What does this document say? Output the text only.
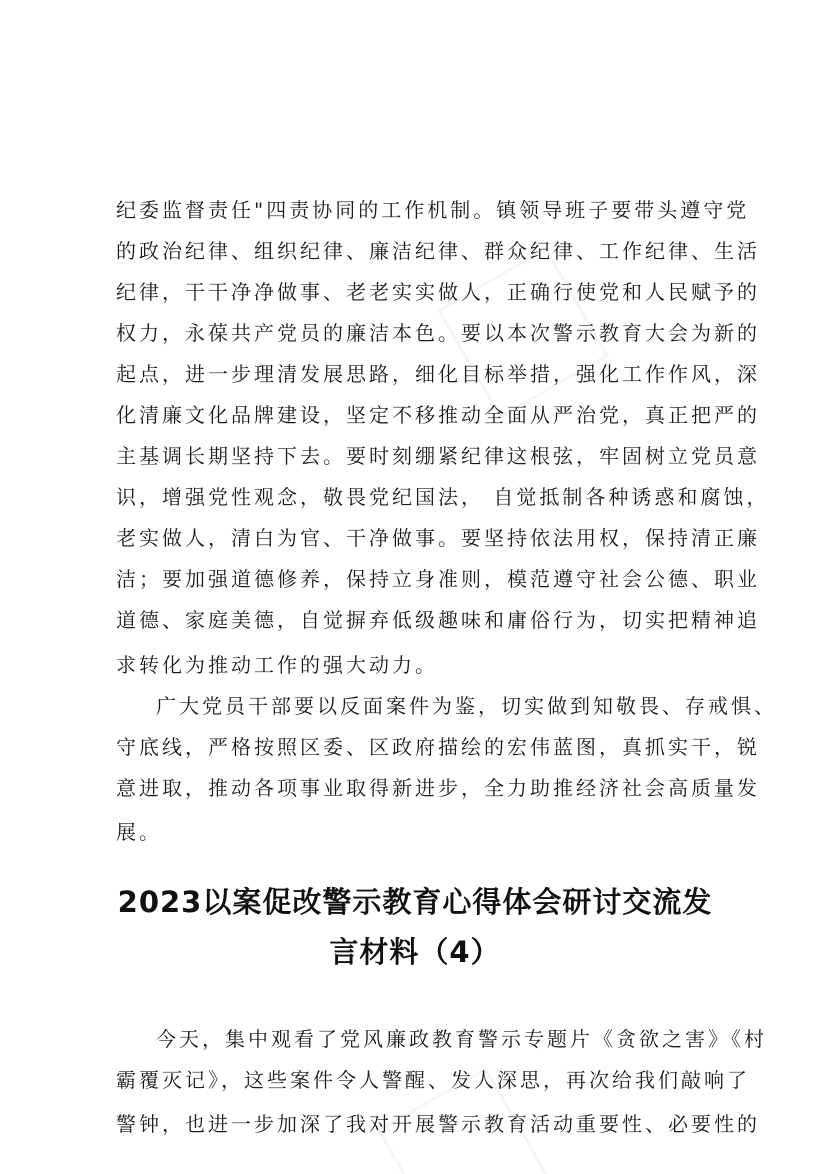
纪委监督责任"四责协同的工作机制。镇领导班子要带头遵守党
的政治纪律、组织纪律、廉洁纪律、群众纪律、工作纪律、生活
纪律，干干净净做事、老老实实做人，正确行使党和人民赋予的
权力，永葆共产党员的廉洁本色。要以本次警示教育大会为新的
起点，进一步理清发展思路，细化目标举措，强化工作作风，深
化清廉文化品牌建设，坚定不移推动全面从严治党，真正把严的
主基调长期坚持下去。要时刻绷紧纪律这根弦，牢固树立党员意
识，增强党性观念，敬畏党纪国法， 自觉抵制各种诱惑和腐蚀，
老实做人，清白为官、干净做事。要坚持依法用权，保持清正廉
洁；要加强道德修养，保持立身准则，模范遵守社会公德、职业
道德、家庭美德，自觉摒弃低级趣味和庸俗行为，切实把精神追
求转化为推动工作的强大动力。
广大党员干部要以反面案件为鉴，切实做到知敬畏、存戒惧、
守底线，严格按照区委、区政府描绘的宏伟蓝图，真抓实干，锐
意进取，推动各项事业取得新进步，全力助推经济社会高质量发
展。
2023以案促改警示教育心得体会研讨交流发
言材料（4）
今天，集中观看了党风廉政教育警示专题片《贪欲之害》《村
霸覆灭记》，这些案件令人警醒、发人深思，再次给我们敲响了
警钟，也进一步加深了我对开展警示教育活动重要性、必要性的
